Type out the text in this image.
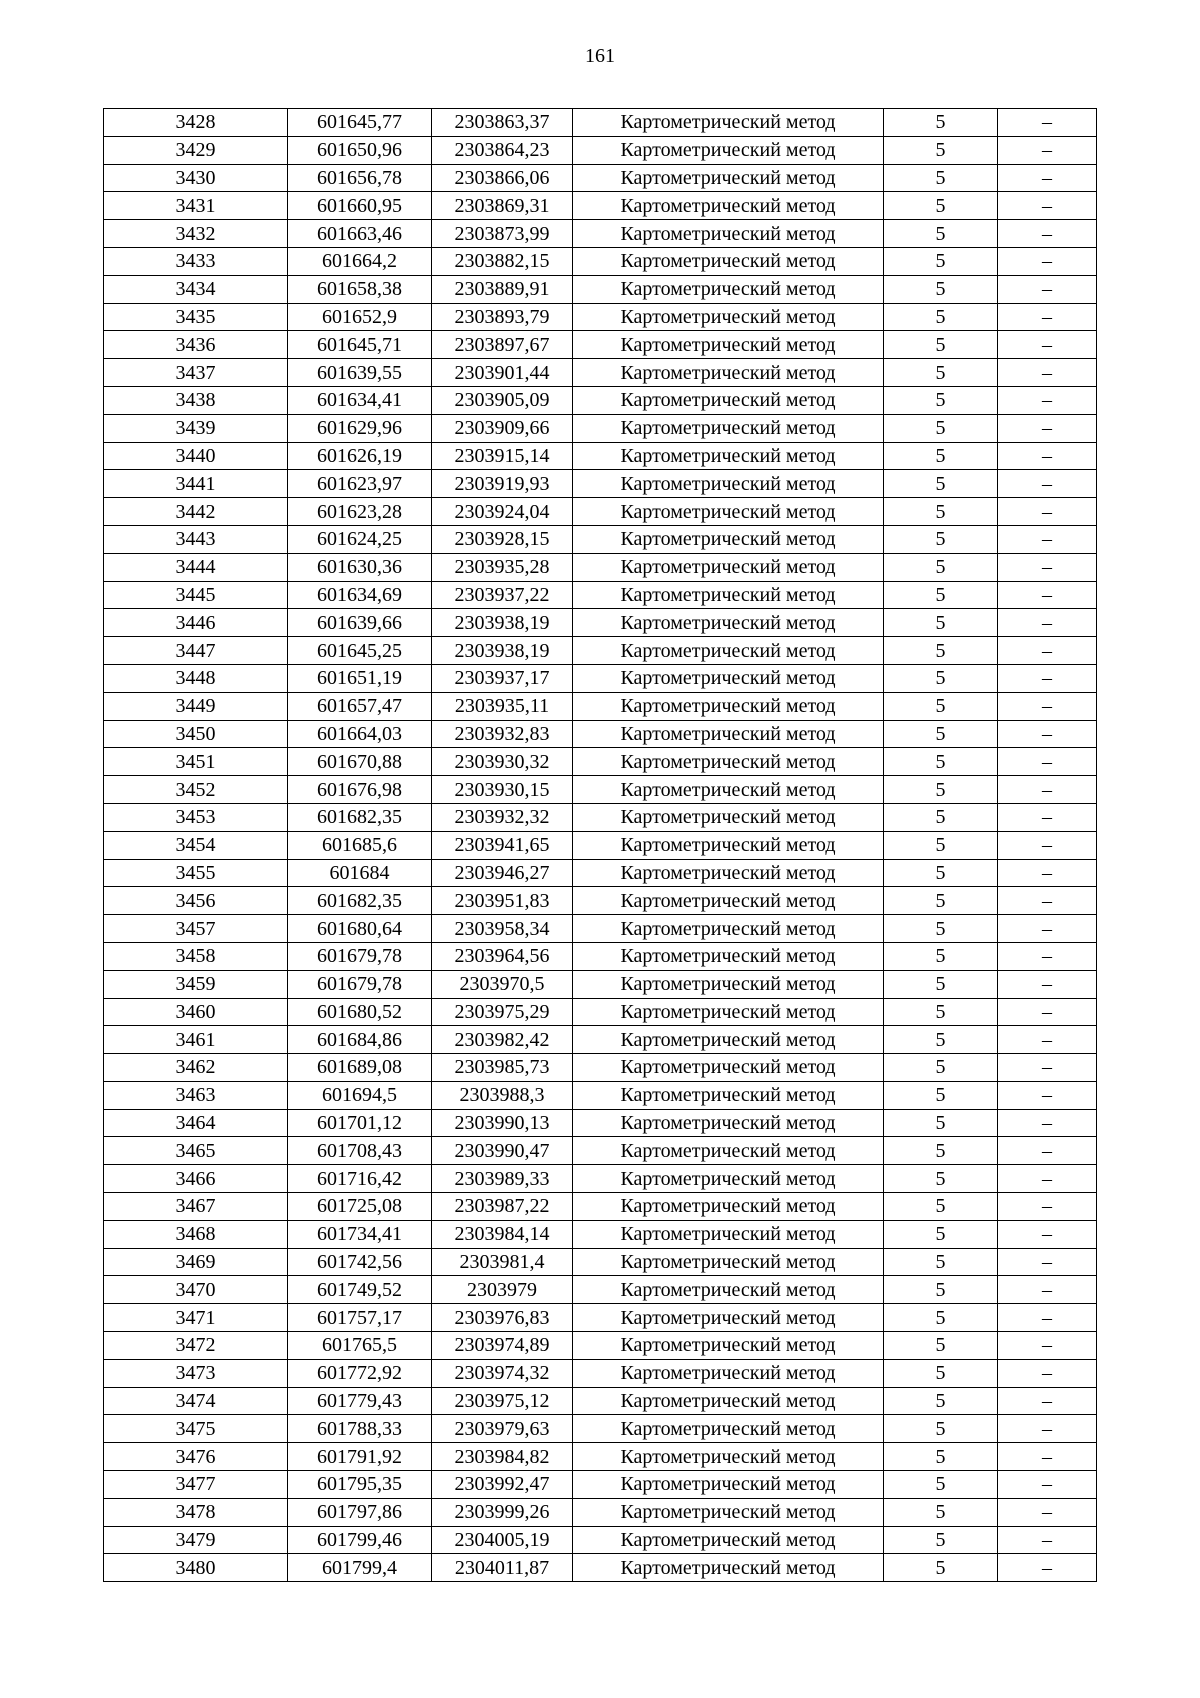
161
3428	601645,77	2303863,37	Картометрический метод	5	–
3429	601650,96	2303864,23	Картометрический метод	5	–
3430	601656,78	2303866,06	Картометрический метод	5	–
3431	601660,95	2303869,31	Картометрический метод	5	–
3432	601663,46	2303873,99	Картометрический метод	5	–
3433	601664,2	2303882,15	Картометрический метод	5	–
3434	601658,38	2303889,91	Картометрический метод	5	–
3435	601652,9	2303893,79	Картометрический метод	5	–
3436	601645,71	2303897,67	Картометрический метод	5	–
3437	601639,55	2303901,44	Картометрический метод	5	–
3438	601634,41	2303905,09	Картометрический метод	5	–
3439	601629,96	2303909,66	Картометрический метод	5	–
3440	601626,19	2303915,14	Картометрический метод	5	–
3441	601623,97	2303919,93	Картометрический метод	5	–
3442	601623,28	2303924,04	Картометрический метод	5	–
3443	601624,25	2303928,15	Картометрический метод	5	–
3444	601630,36	2303935,28	Картометрический метод	5	–
3445	601634,69	2303937,22	Картометрический метод	5	–
3446	601639,66	2303938,19	Картометрический метод	5	–
3447	601645,25	2303938,19	Картометрический метод	5	–
3448	601651,19	2303937,17	Картометрический метод	5	–
3449	601657,47	2303935,11	Картометрический метод	5	–
3450	601664,03	2303932,83	Картометрический метод	5	–
3451	601670,88	2303930,32	Картометрический метод	5	–
3452	601676,98	2303930,15	Картометрический метод	5	–
3453	601682,35	2303932,32	Картометрический метод	5	–
3454	601685,6	2303941,65	Картометрический метод	5	–
3455	601684	2303946,27	Картометрический метод	5	–
3456	601682,35	2303951,83	Картометрический метод	5	–
3457	601680,64	2303958,34	Картометрический метод	5	–
3458	601679,78	2303964,56	Картометрический метод	5	–
3459	601679,78	2303970,5	Картометрический метод	5	–
3460	601680,52	2303975,29	Картометрический метод	5	–
3461	601684,86	2303982,42	Картометрический метод	5	–
3462	601689,08	2303985,73	Картометрический метод	5	–
3463	601694,5	2303988,3	Картометрический метод	5	–
3464	601701,12	2303990,13	Картометрический метод	5	–
3465	601708,43	2303990,47	Картометрический метод	5	–
3466	601716,42	2303989,33	Картометрический метод	5	–
3467	601725,08	2303987,22	Картометрический метод	5	–
3468	601734,41	2303984,14	Картометрический метод	5	–
3469	601742,56	2303981,4	Картометрический метод	5	–
3470	601749,52	2303979	Картометрический метод	5	–
3471	601757,17	2303976,83	Картометрический метод	5	–
3472	601765,5	2303974,89	Картометрический метод	5	–
3473	601772,92	2303974,32	Картометрический метод	5	–
3474	601779,43	2303975,12	Картометрический метод	5	–
3475	601788,33	2303979,63	Картометрический метод	5	–
3476	601791,92	2303984,82	Картометрический метод	5	–
3477	601795,35	2303992,47	Картометрический метод	5	–
3478	601797,86	2303999,26	Картометрический метод	5	–
3479	601799,46	2304005,19	Картометрический метод	5	–
3480	601799,4	2304011,87	Картометрический метод	5	–
